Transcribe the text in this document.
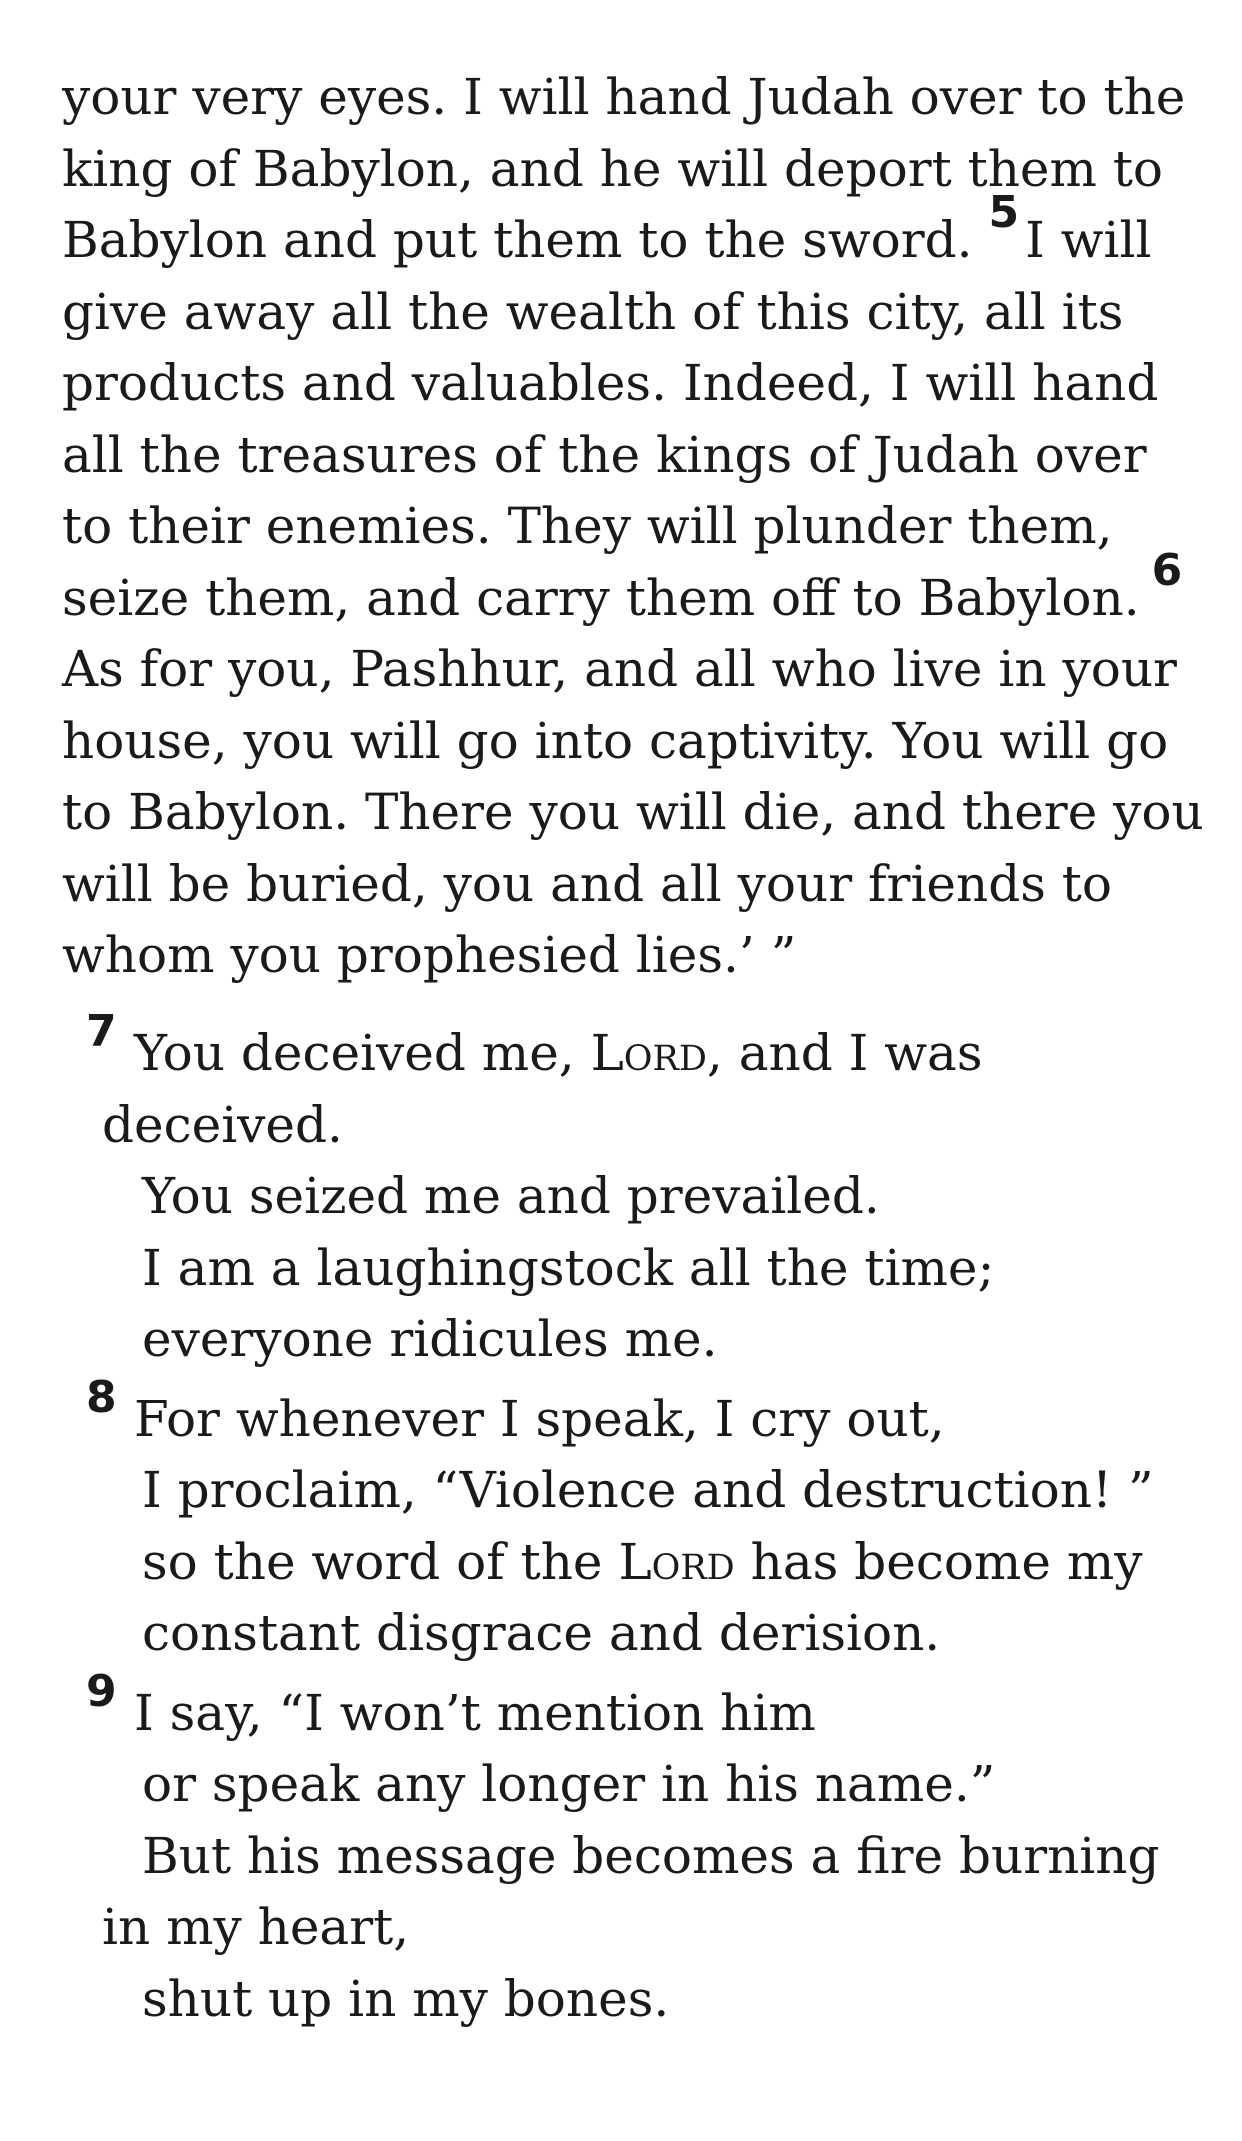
your very eyes. I will hand Judah over to the
king of Babylon, and he will deport them to
Babylon and put them to the sword. 5 I will
give away all the wealth of this city, all its
products and valuables. Indeed, I will hand
all the treasures of the kings of Judah over
to their enemies. They will plunder them,
seize them, and carry them off to Babylon. 6
As for you, Pashhur, and all who live in your
house, you will go into captivity. You will go
to Babylon. There you will die, and there you
will be buried, you and all your friends to
whom you prophesied lies.’ ”
7 You deceived me, Lord, and I was
deceived.
You seized me and prevailed.
I am a laughingstock all the time;
everyone ridicules me.
8 For whenever I speak, I cry out,
I proclaim, “Violence and destruction! ”
so the word of the Lord has become my
constant disgrace and derision.
9 I say, “I won’t mention him
or speak any longer in his name.”
But his message becomes a fire burning
in my heart,
shut up in my bones.
